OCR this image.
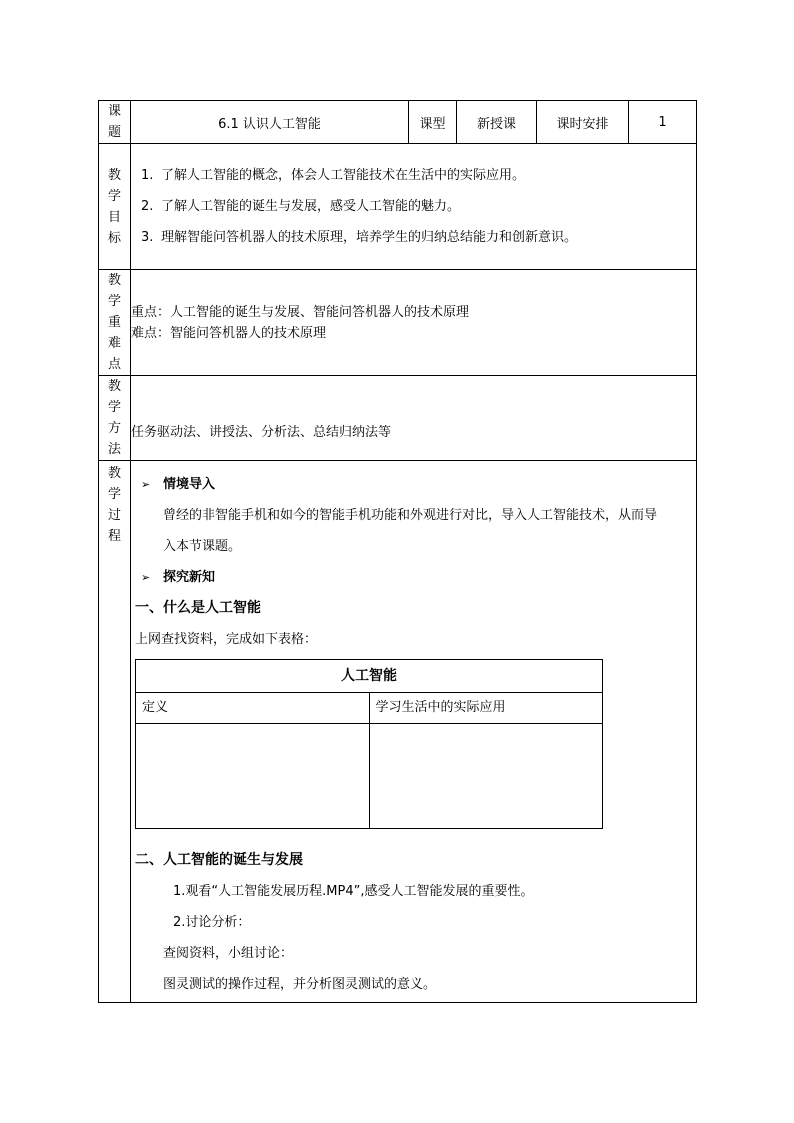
课
题
	6.1 认识人工智能	课型	新授课	课时安排	1

教
学
目
标

1. 了解人工智能的概念，体会人工智能技术在生活中的实际应用。
2. 了解人工智能的诞生与发展，感受人工智能的魅力。
3. 理解智能问答机器人的技术原理，培养学生的归纳总结能力和创新意识。

教
学
重
难
点

重点：人工智能的诞生与发展、智能问答机器人的技术原理
难点：智能问答机器人的技术原理

教
学
方
法

任务驱动法、讲授法、分析法、总结归纳法等

教
学
过
程

➢ 情境导入
曾经的非智能手机和如今的智能手机功能和外观进行对比，导入人工智能技术，从而导
入本节课题。
➢ 探究新知
一、什么是人工智能
上网查找资料，完成如下表格：
人工智能
定义	学习生活中的实际应用

二、人工智能的诞生与发展
1.观看“人工智能发展历程.MP4”,感受人工智能发展的重要性。
2.讨论分析：
查阅资料，小组讨论：
图灵测试的操作过程，并分析图灵测试的意义。
